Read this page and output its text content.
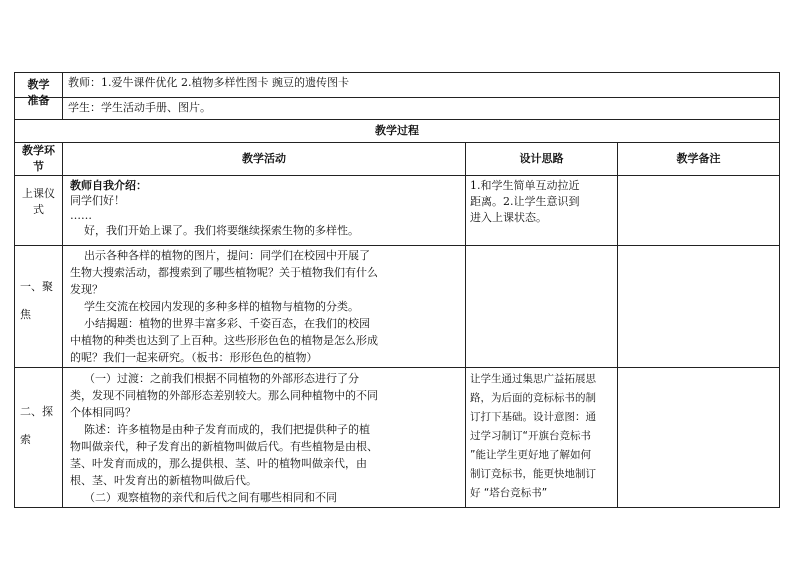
教学
准备
教师：1.爱牛课件优化 2.植物多样性图卡 豌豆的遗传图卡
学生：学生活动手册、图片。
教学过程
教学环
节
教学活动	设计思路	教学备注
上课仪
式
教师自我介绍：
同学们好！
……
好，我们开始上课了。我们将要继续探索生物的多样性。
1.和学生简单互动拉近
距离。2.让学生意识到
进入上课状态。
一、聚
焦
出示各种各样的植物的图片，提问：同学们在校园中开展了
生物大搜索活动，都搜索到了哪些植物呢？关于植物我们有什么
发现？
学生交流在校园内发现的多种多样的植物与植物的分类。
小结揭题：植物的世界丰富多彩、千姿百态，在我们的校园
中植物的种类也达到了上百种。这些形形色色的植物是怎么形成
的呢？我们一起来研究。（板书：形形色色的植物）
二、探
索
（一）过渡：之前我们根据不同植物的外部形态进行了分
类，发现不同植物的外部形态差别较大。那么同种植物中的不同
个体相同吗？
陈述：许多植物是由种子发育而成的，我们把提供种子的植
物叫做亲代，种子发育出的新植物叫做后代。有些植物是由根、
茎、叶发育而成的，那么提供根、茎、叶的植物叫做亲代，由
根、茎、叶发育出的新植物叫做后代。
（二）观察植物的亲代和后代之间有哪些相同和不同
让学生通过集思广益拓展思
路，为后面的竞标标书的制
订打下基础。设计意图：通
过学习制订“开旗台竞标书
”能让学生更好地了解如何
制订竞标书，能更快地制订
好 “塔台竞标书”
